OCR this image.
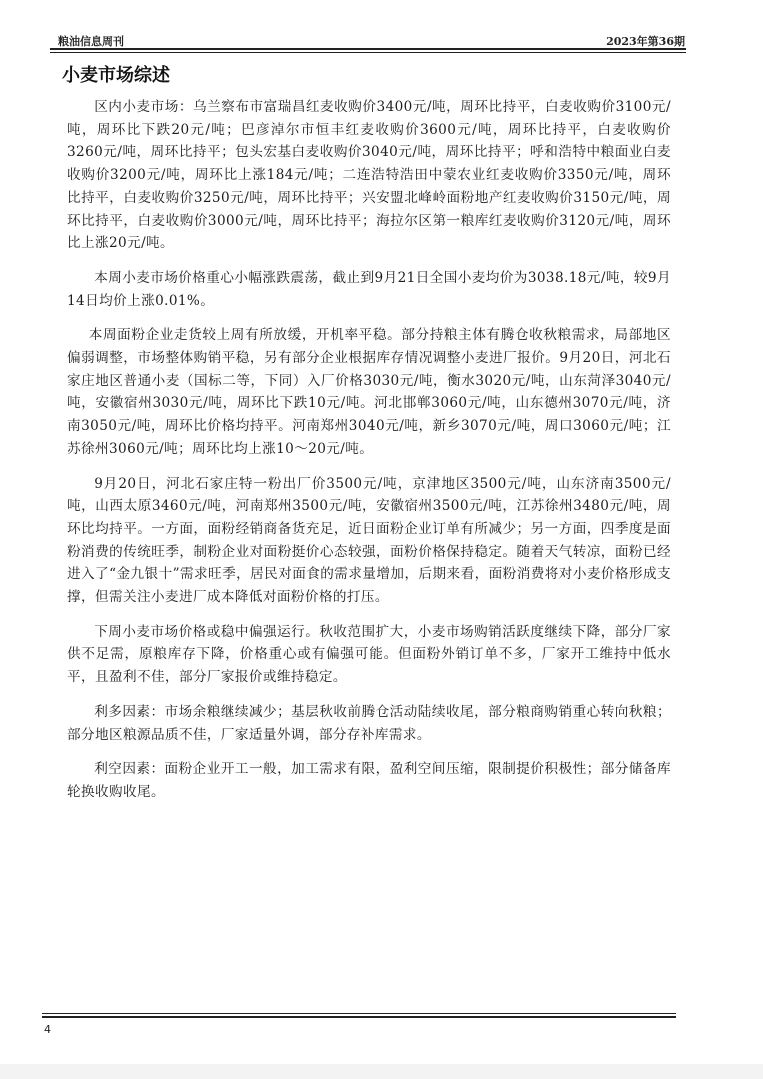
粮油信息周刊	2023年第36期
小麦市场综述

区内小麦市场：乌兰察布市富瑞昌红麦收购价3400元/吨，周环比持平，白麦收购价3100元/吨，周环比下跌20元/吨；巴彦淖尔市恒丰红麦收购价3600元/吨，周环比持平，白麦收购价3260元/吨，周环比持平；包头宏基白麦收购价3040元/吨，周环比持平；呼和浩特中粮面业白麦收购价3200元/吨，周环比上涨184元/吨；二连浩特浩田中蒙农业红麦收购价3350元/吨，周环比持平，白麦收购价3250元/吨，周环比持平；兴安盟北峰岭面粉地产红麦收购价3150元/吨，周环比持平，白麦收购价3000元/吨，周环比持平；海拉尔区第一粮库红麦收购价3120元/吨，周环比上涨20元/吨。

本周小麦市场价格重心小幅涨跌震荡，截止到9月21日全国小麦均价为3038.18元/吨，较9月14日均价上涨0.01%。

本周面粉企业走货较上周有所放缓，开机率平稳。部分持粮主体有腾仓收秋粮需求，局部地区偏弱调整，市场整体购销平稳，另有部分企业根据库存情况调整小麦进厂报价。9月20日，河北石家庄地区普通小麦（国标二等，下同）入厂价格3030元/吨，衡水3020元/吨，山东菏泽3040元/吨，安徽宿州3030元/吨，周环比下跌10元/吨。河北邯郸3060元/吨，山东德州3070元/吨，济南3050元/吨，周环比价格均持平。河南郑州3040元/吨，新乡3070元/吨，周口3060元/吨；江苏徐州3060元/吨；周环比均上涨10～20元/吨。

9月20日，河北石家庄特一粉出厂价3500元/吨，京津地区3500元/吨，山东济南3500元/吨，山西太原3460元/吨，河南郑州3500元/吨，安徽宿州3500元/吨，江苏徐州3480元/吨，周环比均持平。一方面，面粉经销商备货充足，近日面粉企业订单有所减少；另一方面，四季度是面粉消费的传统旺季，制粉企业对面粉挺价心态较强，面粉价格保持稳定。随着天气转凉，面粉已经进入了“金九银十”需求旺季，居民对面食的需求量增加，后期来看，面粉消费将对小麦价格形成支撑，但需关注小麦进厂成本降低对面粉价格的打压。

下周小麦市场价格或稳中偏强运行。秋收范围扩大，小麦市场购销活跃度继续下降，部分厂家供不足需，原粮库存下降，价格重心或有偏强可能。但面粉外销订单不多，厂家开工维持中低水平，且盈利不佳，部分厂家报价或维持稳定。

利多因素：市场余粮继续减少；基层秋收前腾仓活动陆续收尾，部分粮商购销重心转向秋粮；部分地区粮源品质不佳，厂家适量外调，部分存补库需求。

利空因素：面粉企业开工一般，加工需求有限，盈利空间压缩，限制提价积极性；部分储备库轮换收购收尾。

4
